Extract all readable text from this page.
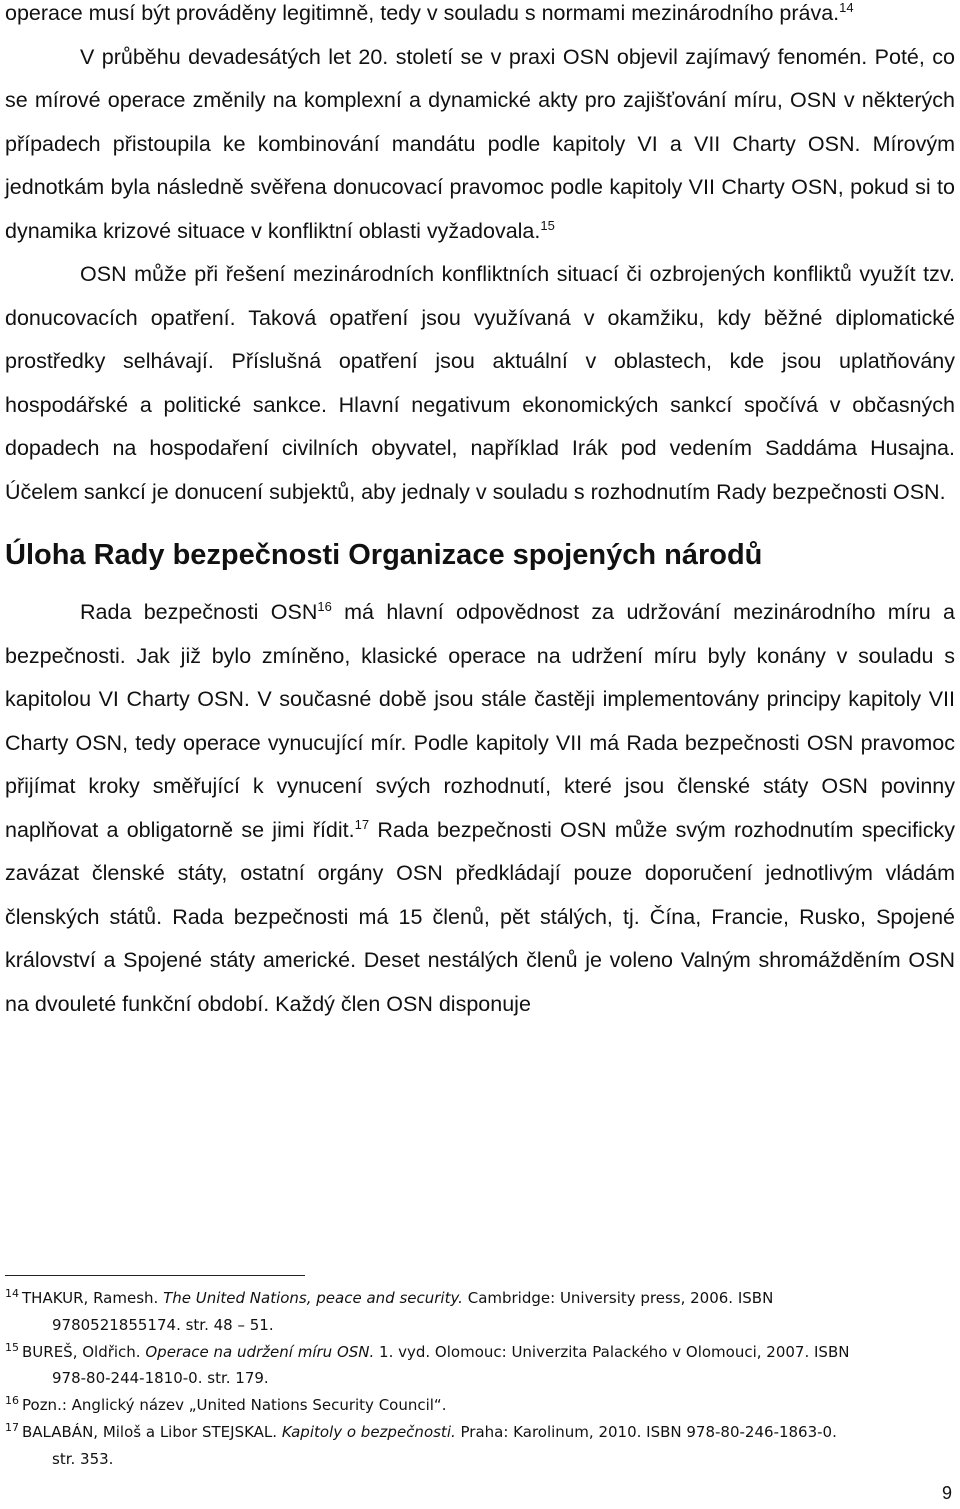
operace musí být prováděny legitimně, tedy v souladu s normami mezinárodního práva.$^{14}$

V průběhu devadesátých let 20. století se v praxi OSN objevil zajímavý fenomén. Poté, co se mírové operace změnily na komplexní a dynamické akty pro zajišťování míru, OSN v některých případech přistoupila ke kombinování mandátu podle kapitoly VI a VII Charty OSN. Mírovým jednotkám byla následně svěřena donucovací pravomoc podle kapitoly VII Charty OSN, pokud si to dynamika krizové situace v konfliktní oblasti vyžadovala.$^{15}$

OSN může při řešení mezinárodních konfliktních situací či ozbrojených konfliktů využít tzv. donucovacích opatření. Taková opatření jsou využívaná v okamžiku, kdy běžné diplomatické prostředky selhávají. Příslušná opatření jsou aktuální v oblastech, kde jsou uplatňovány hospodářské a politické sankce. Hlavní negativum ekonomických sankcí spočívá v občasných dopadech na hospodaření civilních obyvatel, například Irák pod vedením Saddáma Husajna. Účelem sankcí je donucení subjektů, aby jednaly v souladu s rozhodnutím Rady bezpečnosti OSN.

Úloha Rady bezpečnosti Organizace spojených národů

Rada bezpečnosti OSN$^{16}$ má hlavní odpovědnost za udržování mezinárodního míru a bezpečnosti. Jak již bylo zmíněno, klasické operace na udržení míru byly konány v souladu s kapitolou VI Charty OSN. V současné době jsou stále častěji implementovány principy kapitoly VII Charty OSN, tedy operace vynucující mír. Podle kapitoly VII má Rada bezpečnosti OSN pravomoc přijímat kroky směřující k vynucení svých rozhodnutí, které jsou členské státy OSN povinny naplňovat a obligatorně se jimi řídit.$^{17}$ Rada bezpečnosti OSN může svým rozhodnutím specificky zavázat členské státy, ostatní orgány OSN předkládají pouze doporučení jednotlivým vládám členských států. Rada bezpečnosti má 15 členů, pět stálých, tj. Čína, Francie, Rusko, Spojené království a Spojené státy americké. Deset nestálých členů je voleno Valným shromážděním OSN na dvouleté funkční období. Každý člen OSN disponuje

14 THAKUR, Ramesh. The United Nations, peace and security. Cambridge: University press, 2006. ISBN
9780521855174. str. 48 – 51.
15 BUREŠ, Oldřich. Operace na udržení míru OSN. 1. vyd. Olomouc: Univerzita Palackého v Olomouci, 2007. ISBN
978-80-244-1810-0. str. 179.
16 Pozn.: Anglický název „United Nations Security Council“.
17 BALABÁN, Miloš a Libor STEJSKAL. Kapitoly o bezpečnosti. Praha: Karolinum, 2010. ISBN 978-80-246-1863-0.
str. 353.
9
